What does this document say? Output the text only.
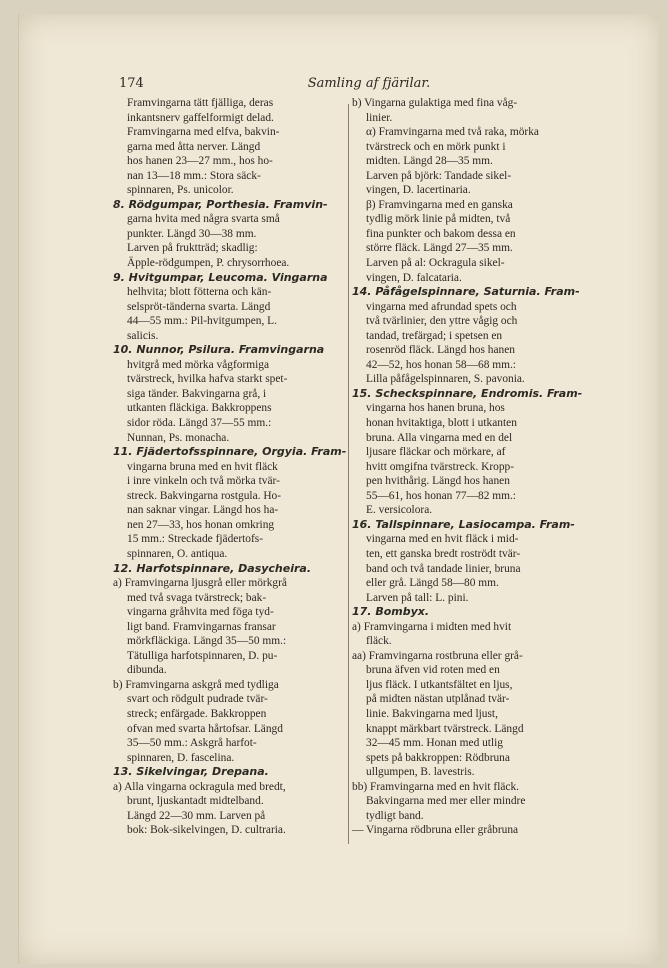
174	Samling af fjärilar.
Framvingarna tätt fjälliga, deras
inkantsnerv gaffelformigt delad.
Framvingarna med elfva, bakvin-
garna med åtta nerver. Längd
hos hanen 23—27 mm., hos ho-
nan 13—18 mm.: Stora säck-
spinnaren, Ps. unicolor.
8. Rödgumpar, Porthesia. Framvin-
garna hvita med några svarta små
punkter. Längd 30—38 mm.
Larven på fruktträd; skadlig:
Äpple-rödgumpen, P. chrysorrhoea.
9. Hvitgumpar, Leucoma. Vingarna
helhvita; blott fötterna och kän-
selspröt-tänderna svarta. Längd
44—55 mm.: Pil-hvitgumpen, L.
salicis.
10. Nunnor, Psilura. Framvingarna
hvitgrå med mörka vågformiga
tvärstreck, hvilka hafva starkt spet-
siga tänder. Bakvingarna grå, i
utkanten fläckiga. Bakkroppens
sidor röda. Längd 37—55 mm.:
Nunnan, Ps. monacha.
11. Fjädertofsspinnare, Orgyia. Fram-
vingarna bruna med en hvit fläck
i inre vinkeln och två mörka tvär-
streck. Bakvingarna rostgula. Ho-
nan saknar vingar. Längd hos ha-
nen 27—33, hos honan omkring
15 mm.: Streckade fjädertofs-
spinnaren, O. antiqua.
12. Harfotspinnare, Dasycheira.
a) Framvingarna ljusgrå eller mörkgrå
med två svaga tvärstreck; bak-
vingarna gråhvita med föga tyd-
ligt band. Framvingarnas fransar
mörkfläckiga. Längd 35—50 mm.:
Tätulliga harfotspinnaren, D. pu-
dibunda.
b) Framvingarna askgrå med tydliga
svart och rödgult pudrade tvär-
streck; enfärgade. Bakkroppen
ofvan med svarta hårtofsar. Längd
35—50 mm.: Askgrå harfot-
spinnaren, D. fascelina.
13. Sikelvingar, Drepana.
a) Alla vingarna ockragula med bredt,
brunt, ljuskantadt midtelband.
Längd 22—30 mm. Larven på
bok: Bok-sikelvingen, D. cultraria.
b) Vingarna gulaktiga med fina våg-
linier.
α) Framvingarna med två raka, mörka
tvärstreck och en mörk punkt i
midten. Längd 28—35 mm.
Larven på björk: Tandade sikel-
vingen, D. lacertinaria.
β) Framvingarna med en ganska
tydlig mörk linie på midten, två
fina punkter och bakom dessa en
större fläck. Längd 27—35 mm.
Larven på al: Ockragula sikel-
vingen, D. falcataria.
14. Påfågelspinnare, Saturnia. Fram-
vingarna med afrundad spets och
två tvärlinier, den yttre vågig och
tandad, trefärgad; i spetsen en
rosenröd fläck. Längd hos hanen
42—52, hos honan 58—68 mm.:
Lilla påfågelspinnaren, S. pavonia.
15. Scheckspinnare, Endromis. Fram-
vingarna hos hanen bruna, hos
honan hvitaktiga, blott i utkanten
bruna. Alla vingarna med en del
ljusare fläckar och mörkare, af
hvitt omgifna tvärstreck. Kropp-
pen hvithårig. Längd hos hanen
55—61, hos honan 77—82 mm.:
E. versicolora.
16. Tallspinnare, Lasiocampa. Fram-
vingarna med en hvit fläck i mid-
ten, ett ganska bredt roströdt tvär-
band och två tandade linier, bruna
eller grå. Längd 58—80 mm.
Larven på tall: L. pini.
17. Bombyx.
a) Framvingarna i midten med hvit
fläck.
aa) Framvingarna rostbruna eller grå-
bruna äfven vid roten med en
ljus fläck. I utkantsfältet en ljus,
på midten nästan utplånad tvär-
linie. Bakvingarna med ljust,
knappt märkbart tvärstreck. Längd
32—45 mm. Honan med utlig
spets på bakkroppen: Rödbruna
ullgumpen, B. lavestris.
bb) Framvingarna med en hvit fläck.
Bakvingarna med mer eller mindre
tydligt band.
— Vingarna rödbruna eller gråbruna
